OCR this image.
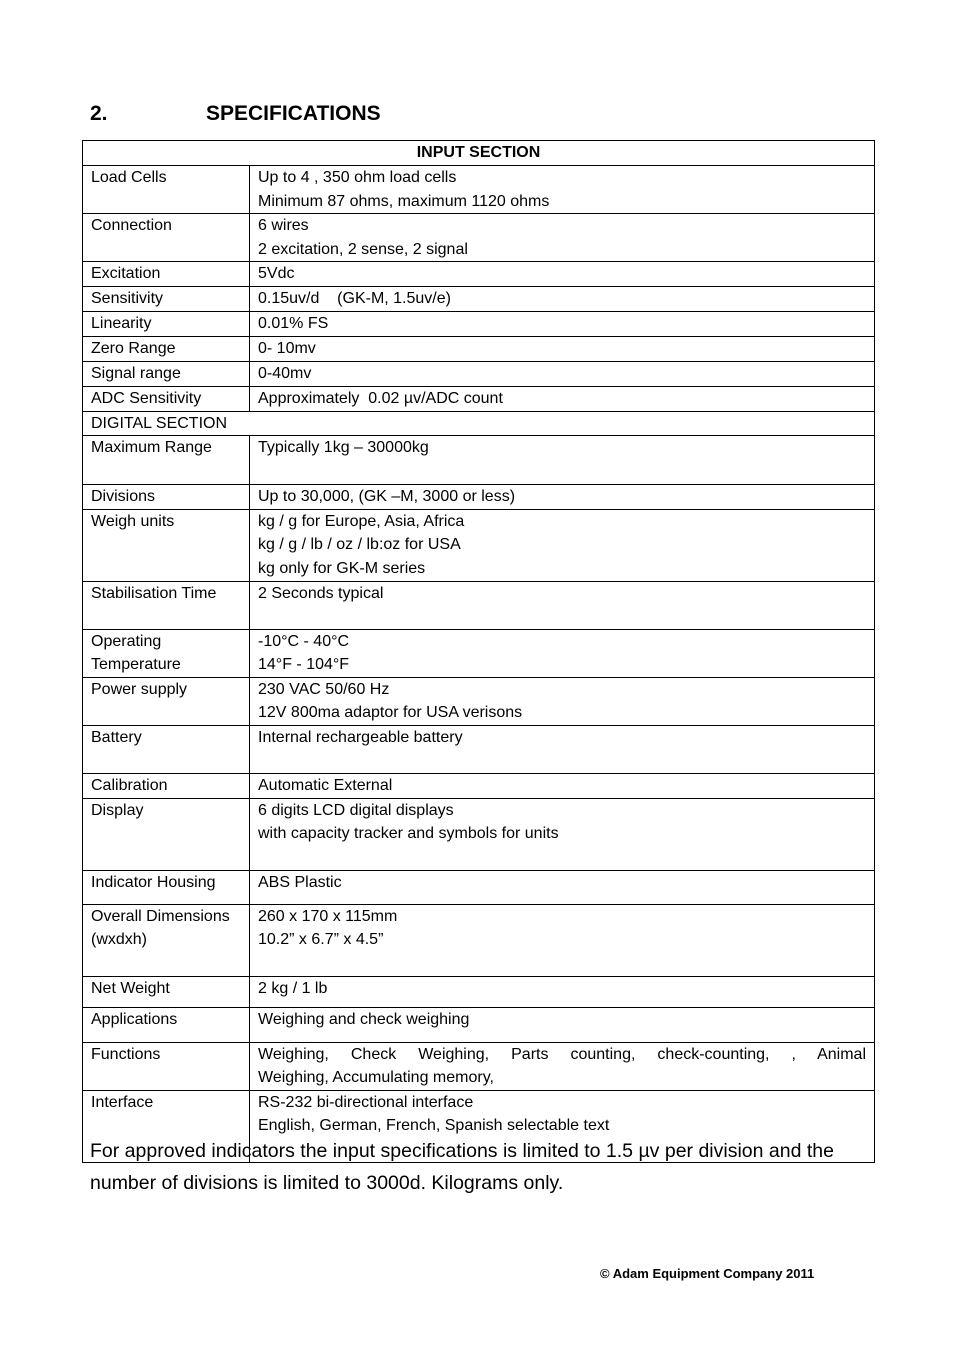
2.	SPECIFICATIONS
INPUT SECTION	
Load Cells	Up to 4 , 350 ohm load cells
Minimum 87 ohms, maximum 1120 ohms

Connection	6 wires
2 excitation, 2 sense, 2 signal

Excitation	5Vdc

Sensitivity	0.15uv/d    (GK-M, 1.5uv/e)

Linearity	0.01% FS

Zero Range	0- 10mv

Signal range	0-40mv

ADC Sensitivity	Approximately  0.02 µv/ADC count

DIGITAL SECTION	
Maximum Range	Typically 1kg – 30000kg

Divisions	Up to 30,000, (GK –M, 3000 or less)

Weigh units	kg / g for Europe, Asia, Africa
kg / g / lb / oz / lb:oz for USA
kg only for GK-M series

Stabilisation Time	2 Seconds typical

Operating Temperature	-10°C - 40°C
14°F - 104°F

Power supply	230 VAC 50/60 Hz
12V 800ma adaptor for USA verisons

Battery	Internal rechargeable battery

Calibration	Automatic External

Display	6 digits LCD digital displays
with capacity tracker and symbols for units

Indicator Housing	ABS Plastic

Overall Dimensions (wxdxh)	260 x 170 x 115mm
10.2” x 6.7” x 4.5”

Net Weight	2 kg / 1 lb

Applications	Weighing and check weighing

Functions	Weighing, Check Weighing, Parts counting, check-counting, , Animal
Weighing, Accumulating memory,

Interface	RS-232 bi-directional interface
English, German, French, Spanish selectable text
For approved indicators the input specifications is limited to 1.5 µv per division and the number of divisions is limited to 3000d. Kilograms only.
© Adam Equipment Company 2011
